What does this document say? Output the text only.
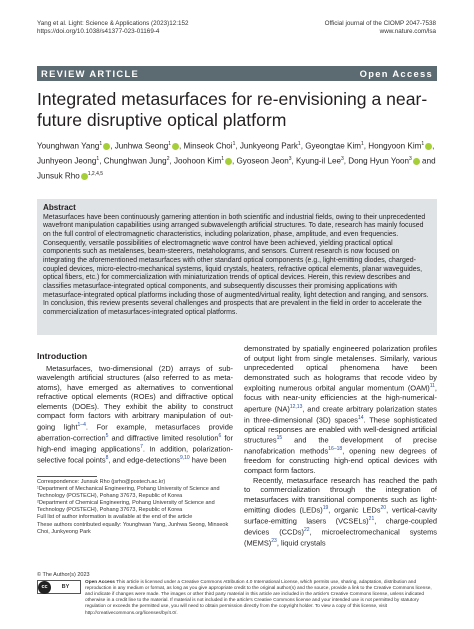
Yang et al. Light: Science & Applications (2023)12:152
https://doi.org/10.1038/s41377-023-01169-4
Official journal of the CIOMP 2047-7538
www.nature.com/lsa
REVIEW ARTICLE	Open Access
Integrated metasurfaces for re-envisioning a near-future disruptive optical platform
Younghwan Yang$^1$ , Junhwa Seong$^1$ , Minseok Choi$^1$, Junkyeong Park$^1$, Gyeongtae Kim$^1$, Hongyoon Kim$^1$ , Junhyeon Jeong$^1$, Chunghwan Jung$^2$, Joohoon Kim$^1$ , Gyoseon Jeon$^3$, Kyung-il Lee$^3$, Dong Hyun Yoon$^3$ and Junsuk Rho $^{1,2,4,5}$
Abstract

Metasurfaces have been continuously garnering attention in both scientific and industrial fields, owing to their unprecedented wavefront manipulation capabilities using arranged subwavelength artificial structures. To date, research has mainly focused on the full control of electromagnetic characteristics, including polarization, phase, amplitude, and even frequencies. Consequently, versatile possibilities of electromagnetic wave control have been achieved, yielding practical optical components such as metalenses, beam-steerers, metaholograms, and sensors. Current research is now focused on integrating the aforementioned metasurfaces with other standard optical components (e.g., light-emitting diodes, charged-coupled devices, micro-electro-mechanical systems, liquid crystals, heaters, refractive optical elements, planar waveguides, optical fibers, etc.) for commercialization with miniaturization trends of optical devices. Herein, this review describes and classifies metasurface-integrated optical components, and subsequently discusses their promising applications with metasurface-integrated optical platforms including those of augmented/virtual reality, light detection and ranging, and sensors. In conclusion, this review presents several challenges and prospects that are prevalent in the field in order to accelerate the commercialization of metasurfaces-integrated optical platforms.

Introduction

Metasurfaces, two-dimensional (2D) arrays of sub-wavelength artificial structures (also referred to as meta-atoms), have emerged as alternatives to conventional refractive optical elements (ROEs) and diffractive optical elements (DOEs). They exhibit the ability to construct compact form factors with arbitrary manipulation of out-going light$^{1-4}$. For example, metasurfaces provide aberration-correction$^5$ and diffractive limited resolution$^6$ for high-end imaging applications$^7$. In addition, polarization-selective focal points$^8$, and edge-detections$^{9,10}$ have been

Correspondence: Junsuk Rho (jsrho@postech.ac.kr)
¹Department of Mechanical Engineering, Pohang University of Science and Technology (POSTECH), Pohang 37673, Republic of Korea
²Department of Chemical Engineering, Pohang University of Science and Technology (POSTECH), Pohang 37673, Republic of Korea
Full list of author information is available at the end of the article
These authors contributed equally: Younghwan Yang, Junhwa Seong, Minseok Choi, Junkyeong Park

demonstrated by spatially engineered polarization profiles of output light from single metalenses. Similarly, various unprecedented optical phenomena have been demonstrated such as holograms that recode video by exploiting numerous orbital angular momentum (OAM)$^{11}$, focus with near-unity efficiencies at the high-numerical-aperture (NA)$^{12,13}$, and create arbitrary polarization states in three-dimensional (3D) spaces$^{14}$. These sophisticated optical responses are enabled with well-designed artificial structures$^{15}$ and the development of precise nanofabrication methods$^{16-18}$, opening new degrees of freedom for constructing high-end optical devices with compact form factors.

Recently, metasurface research has reached the path to commercialization through the integration of metasurfaces with transitional components such as light-emitting diodes (LEDs)$^{19}$, organic LEDs$^{20}$, vertical-cavity surface-emitting lasers (VCSELs)$^{21}$, charge-coupled devices (CCDs)$^{22}$, microelectromechanical systems (MEMS)$^{23}$, liquid crystals

© The Author(s) 2023
cc	BY
Open Access This article is licensed under a Creative Commons Attribution 4.0 International License, which permits use, sharing, adaptation, distribution and reproduction in any medium or format, as long as you give appropriate credit to the original author(s) and the source, provide a link to the Creative Commons license, and indicate if changes were made. The images or other third party material in this article are included in the article's Creative Commons license, unless indicated otherwise in a credit line to the material. If material is not included in the article's Creative Commons license and your intended use is not permitted by statutory regulation or exceeds the permitted use, you will need to obtain permission directly from the copyright holder. To view a copy of this license, visit http://creativecommons.org/licenses/by/4.0/.
